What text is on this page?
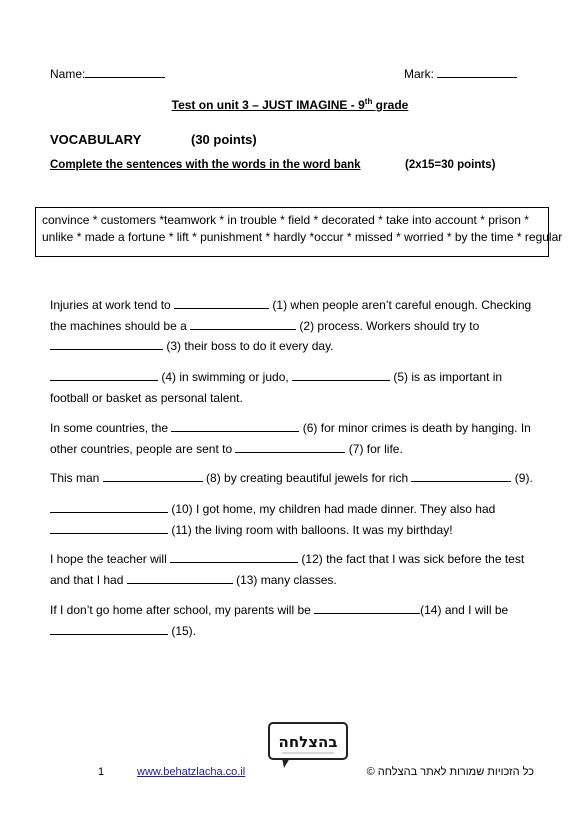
Name:	Mark:
Test on unit 3 – JUST IMAGINE - 9th grade
VOCABULARY	(30 points)
Complete the sentences with the words in the word bank	(2x15=30 points)
convince * customers *teamwork * in trouble * field * decorated * take into account * prison *
unlike * made a fortune * lift * punishment * hardly *occur * missed * worried * by the time * regular
Injuries at work tend to	(1) when people aren’t careful enough. Checking
the machines should be a	(2) process. Workers should try to
(3) their boss to do it every day.
(4) in swimming or judo,	(5) is as important in
football or basket as personal talent.
In some countries, the	(6) for minor crimes is death by hanging. In
other countries, people are sent to	(7) for life.
This man	(8) by creating beautiful jewels for rich	(9).
(10) I got home, my children had made dinner. They also had
(11) the living room with balloons. It was my birthday!
I hope the teacher will	(12) the fact that I was sick before the test
and that I had	(13) many classes.
If I don’t go home after school, my parents will be	(14) and I will be
(15).
בהצלחה
1	www.behatzlacha.co.il	כל הזכויות שמורות לאתר בהצלחה ©
